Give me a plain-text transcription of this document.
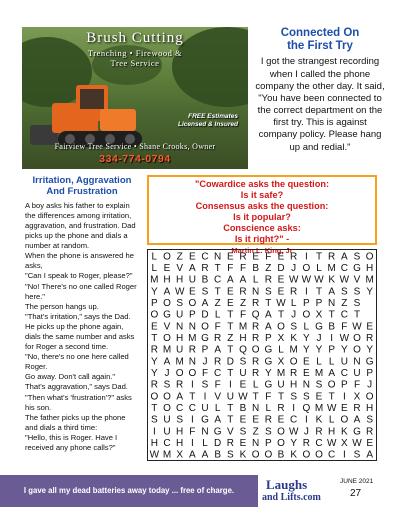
Brush Cutting
Trenching • Firewood &
Tree Service
FREE Estimates
Licensed & Insured
Fairview Tree Service • Shane Crooks, Owner
334-774-0794
Connected On
the First Try
I got the strangest recording when I called the phone company the other day. It said, "You have been connected to the correct department on the first try. This is against company policy. Please hang up and redial."
Irritation, Aggravation
And Frustration
A boy asks his father to explain the differences among irritation, aggravation, and frustration. Dad picks up the phone and dials a number at random.
When the phone is answered he asks,
"Can I speak to Roger, please?"
"No! There's no one called Roger here."
The person hangs up.
"That's irritation," says the Dad.
He picks up the phone again, dials the same number and asks for Roger a second time.
"No, there's no one here called Roger.
Go away. Don't call again."
That's aggravation," says Dad.
"Then what's 'frustration'?" asks his son.
The father picks up the phone and dials a third time:
"Hello, this is Roger. Have I received any phone calls?"
"Cowardice asks the question:
Is it safe?
Consensus asks the question:
Is it popular?
Conscience asks:
Is it right?" -
Martin L. King, Jr
L O Z E C N E R E F E R I T R A S O
L E V A R T F F B Z D J O L M C G H
M H H U B C A A L R E W W W K W V M
Y A W E S T E R N S E R I T A S S Y
P O S O A Z E Z R T W L P P N Z S
O G U P D L T F Q A T J O X T C T
E V N N O F T M R A O S L G B F W E
T O H M G R Z H R P X K Y J I W O R
R M U R P A T Q O G L M Y Y P Y O Y
Y A M N J R D S R G X O E L L U N G
Y J O O F C T U R Y M R E M A C U P
R S R I S F I E L G U H N S O P F J
O O A T I V U W T F T S S E T I X O
T O C C U L T B N L R I Q M W E R H
S U S I G A T E E R E C I K L O A S
I U H F N G V S Z S O W J R H K G R
H C H I L D R E N P O Y R C W X W E
W M X A A B S K O O B K O O C I S A
I gave all my dead batteries away today ... free of charge.	Laughs
and Lifts.com
JUNE 2021
27
